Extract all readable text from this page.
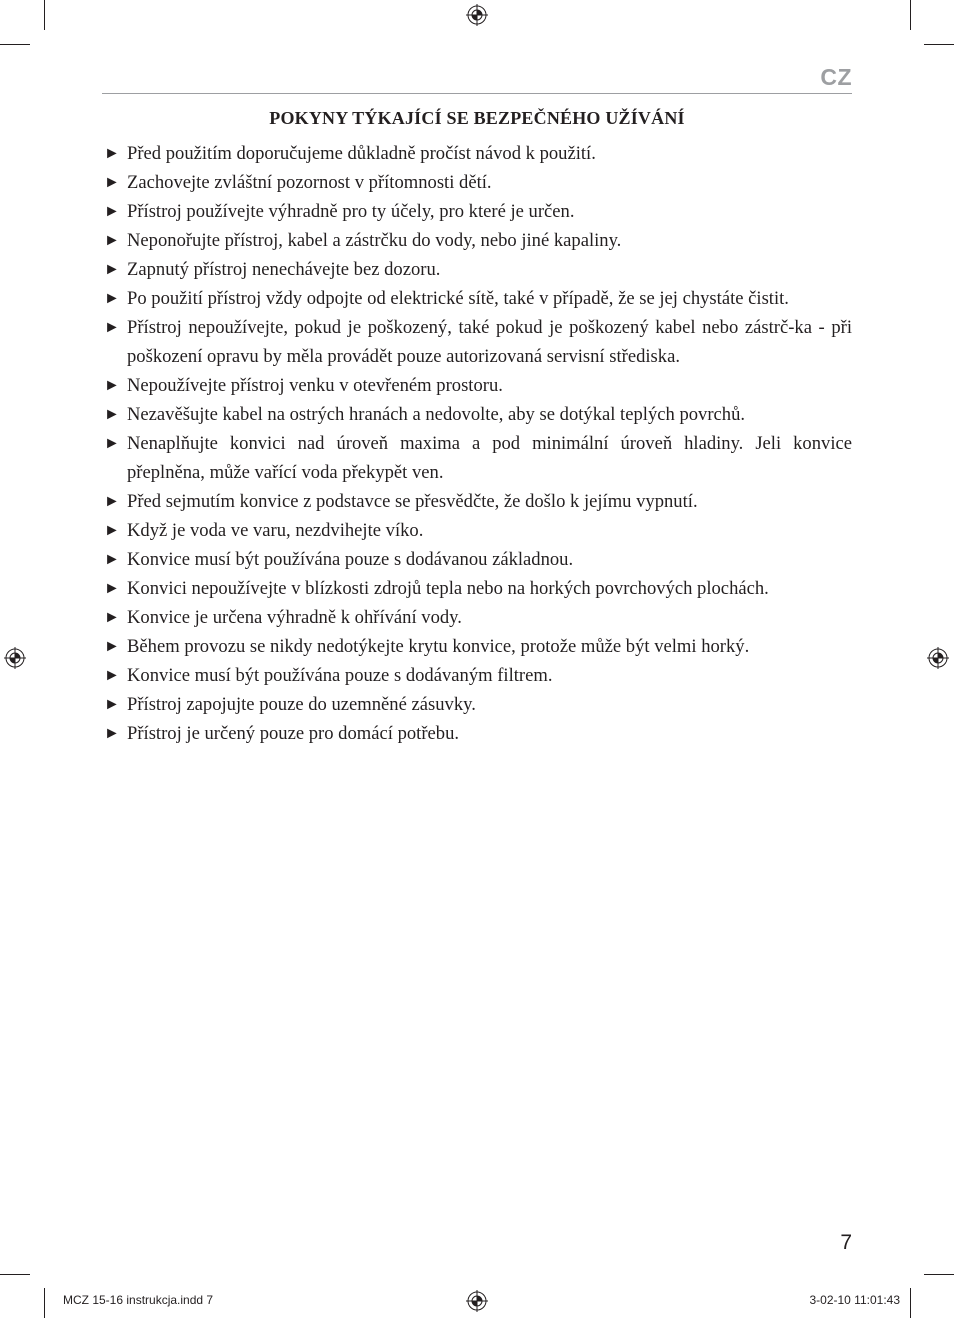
CZ
POKYNY TÝKAJÍCÍ SE BEZPEČNÉHO UŽÍVÁNÍ
► Před použitím doporučujeme důkladně pročíst návod k použití.
► Zachovejte zvláštní pozornost v přítomnosti dětí.
► Přístroj používejte výhradně pro ty účely, pro které je určen.
► Neponořujte přístroj, kabel a zástrčku do vody, nebo jiné kapaliny.
► Zapnutý přístroj nenechávejte bez dozoru.
► Po použití přístroj vždy odpojte od elektrické sítě, také v případě, že se jej chystáte čistit.
► Přístroj nepoužívejte, pokud je poškozený, také pokud je poškozený kabel nebo zástrč-ka - při poškození opravu by měla provádět pouze autorizovaná servisní střediska.
► Nepoužívejte přístroj venku v otevřeném prostoru.
► Nezavěšujte kabel na ostrých hranách a nedovolte, aby se dotýkal teplých povrchů.
► Nenaplňujte konvici nad úroveň maxima a pod minimální úroveň hladiny. Jeli konvice přeplněna, může vařící voda překypět ven.
► Před sejmutím konvice z podstavce se přesvědčte, že došlo k jejímu vypnutí.
► Když je voda ve varu, nezdvihejte víko.
► Konvice musí být používána pouze s dodávanou základnou.
► Konvici nepoužívejte v blízkosti zdrojů tepla nebo na horkých povrchových plochách.
► Konvice je určena výhradně k ohřívání vody.
► Během provozu se nikdy nedotýkejte krytu konvice, protože může být velmi horký.
► Konvice musí být používána pouze s dodávaným filtrem.
► Přístroj zapojujte pouze do uzemněné zásuvky.
► Přístroj je určený pouze pro domácí potřebu.
7
MCZ 15-16 instrukcja.indd 7	3-02-10 11:01:43
